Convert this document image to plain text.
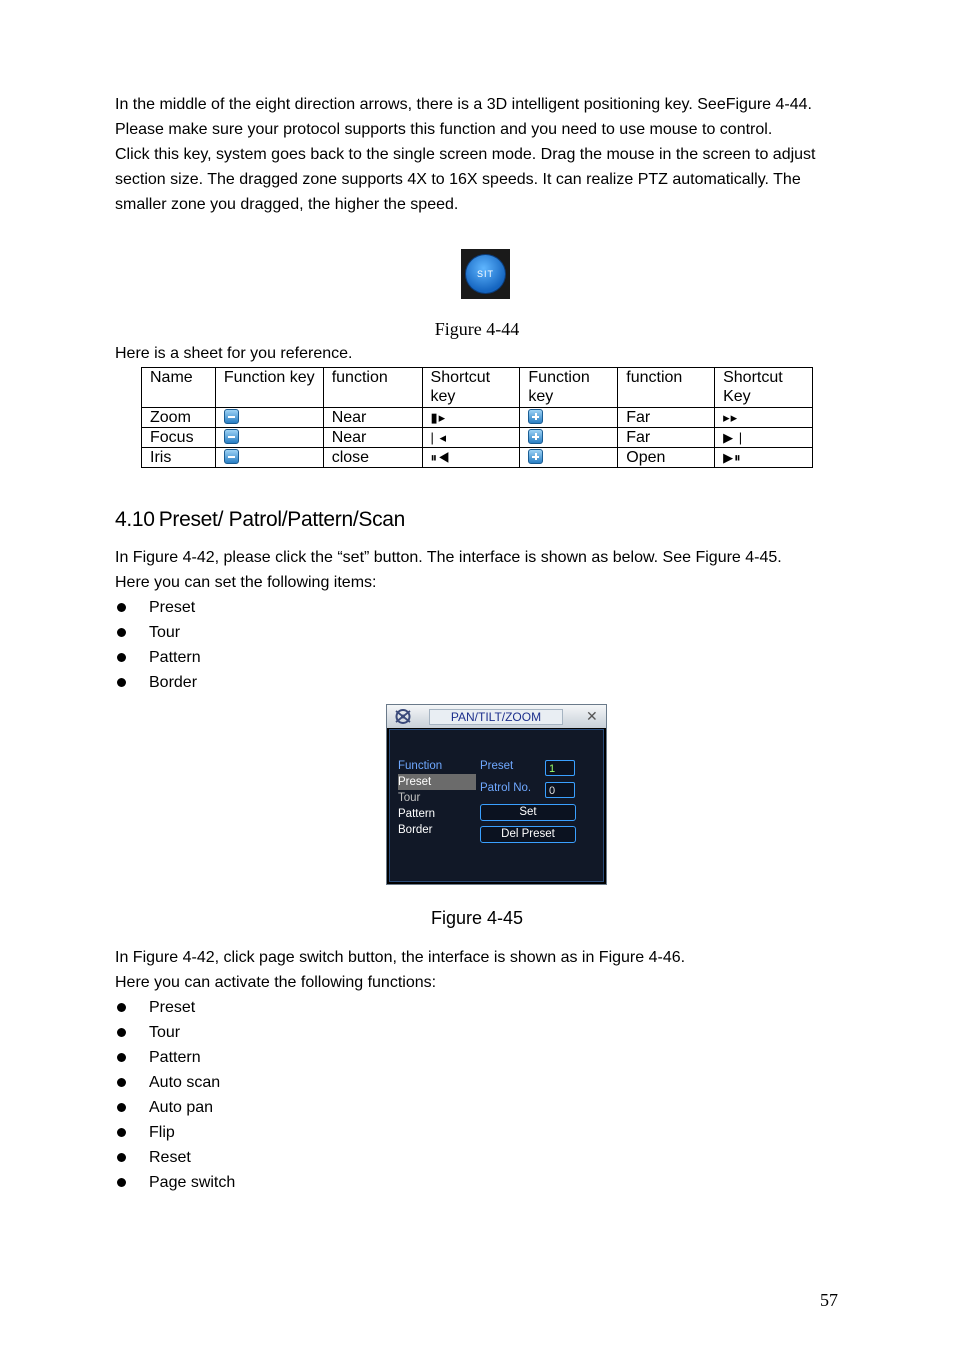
In the middle of the eight direction arrows, there is a 3D intelligent positioning key. SeeFigure 4-44. Please make sure your protocol supports this function and you need to use mouse to control.

Click this key, system goes back to the single screen mode. Drag the mouse in the screen to adjust section size. The dragged zone supports 4X to 16X speeds. It can realize PTZ automatically. The smaller zone you dragged, the higher the speed.

SIT
Figure 4-44
Here is a sheet for you reference.
Name	Function key	function	Shortcut key	Function  key	function	Shortcut  Key
Zoom		Near	▮▸		Far	▸▸
Focus		Near	| ◂		Far	▶ |
Iris		close	⏸◀		Open	▶⏸
4.10 Preset/ Patrol/Pattern/Scan

In Figure 4-42, please click the “set” button. The interface is shown as below. See Figure 4-45.

Here you can set the following items:

Preset
Tour
Pattern
Border
PAN/TILT/ZOOM	✕
Function
Preset
Tour
Pattern
Border
Preset	1
Patrol No.	0
Set
Del Preset
Figure 4-45

In Figure 4-42, click page switch button, the interface is shown as in Figure 4-46.

Here you can activate the following functions:

Preset
Tour
Pattern
Auto scan
Auto pan
Flip
Reset
Page switch
57
